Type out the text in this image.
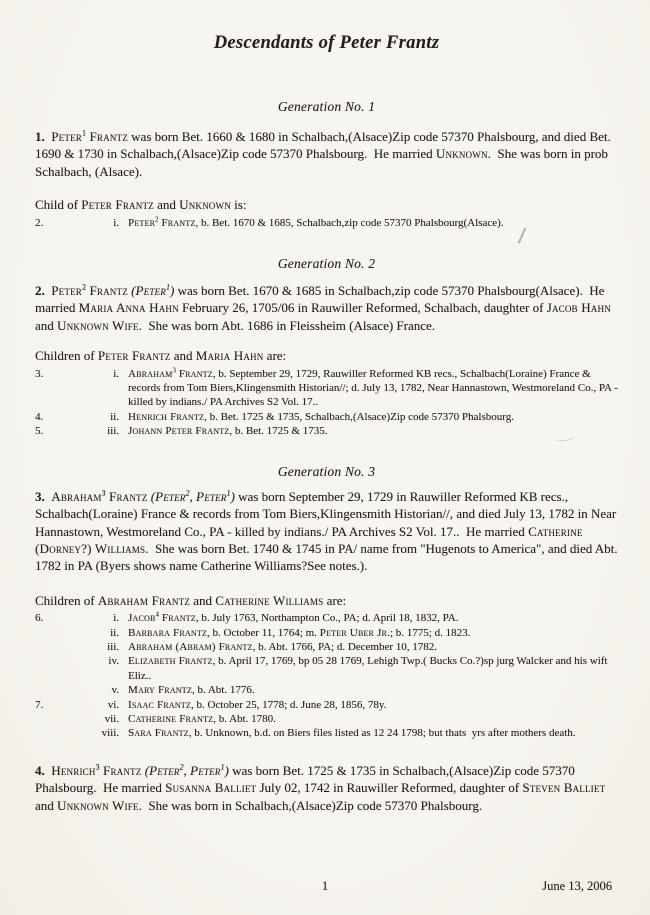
Descendants of Peter Frantz
Generation No. 1

1.  Peter$^1$ Frantz was born Bet. 1660 & 1680 in Schalbach,(Alsace)Zip code 57370 Phalsbourg, and died Bet. 1690 & 1730 in Schalbach,(Alsace)Zip code 57370 Phalsbourg.  He married Unknown.  She was born in prob Schalbach, (Alsace).

Child of Peter Frantz and Unknown is:

2.	i. Peter$^2$ Frantz, b. Bet. 1670 & 1685, Schalbach,zip code 57370 Phalsbourg(Alsace).
Generation No. 2

2.  Peter$^2$ Frantz (Peter$^1$) was born Bet. 1670 & 1685 in Schalbach,zip code 57370 Phalsbourg(Alsace).  He married Maria Anna Hahn February 26, 1705/06 in Rauwiller Reformed, Schalbach, daughter of Jacob Hahn and Unknown Wife.  She was born Abt. 1686 in Fleissheim (Alsace) France.

Children of Peter Frantz and Maria Hahn are:

3.	i. Abraham$^3$ Frantz, b. September 29, 1729, Rauwiller Reformed KB recs., Schalbach(Loraine) France & records from Tom Biers,Klingensmith Historian//; d. July 13, 1782, Near Hannastown, Westmoreland Co., PA - killed by indians./ PA Archives S2 Vol. 17..
4.	ii. Henrich Frantz, b. Bet. 1725 & 1735, Schalbach,(Alsace)Zip code 57370 Phalsbourg.
5.	iii. Johann Peter Frantz, b. Bet. 1725 & 1735.
Generation No. 3

3.  Abraham$^3$ Frantz (Peter$^2$, Peter$^1$) was born September 29, 1729 in Rauwiller Reformed KB recs., Schalbach(Loraine) France & records from Tom Biers,Klingensmith Historian//, and died July 13, 1782 in Near Hannastown, Westmoreland Co., PA - killed by indians./ PA Archives S2 Vol. 17..  He married Catherine (Dorney?) Williams.  She was born Bet. 1740 & 1745 in PA/ name from "Hugenots to America", and died Abt. 1782 in PA (Byers shows name Catherine Williams?See notes.).

Children of Abraham Frantz and Catherine Williams are:

6.	i. Jacob$^4$ Frantz, b. July 1763, Northampton Co., PA; d. April 18, 1832, PA.
ii. Barbara Frantz, b. October 11, 1764; m. Peter Uber Jr.; b. 1775; d. 1823.
iii. Abraham (Abram) Frantz, b. Abt. 1766, PA; d. December 10, 1782.
iv. Elizabeth Frantz, b. April 17, 1769, bp 05 28 1769, Lehigh Twp.( Bucks Co.?)sp jurg Walcker and his wift Eliz..
v. Mary Frantz, b. Abt. 1776.
7.	vi. Isaac Frantz, b. October 25, 1778; d. June 28, 1856, 78y.
vii. Catherine Frantz, b. Abt. 1780.
viii. Sara Frantz, b. Unknown, b.d. on Biers files listed as 12 24 1798; but thats  yrs after mothers death.

4.  Henrich$^3$ Frantz (Peter$^2$, Peter$^1$) was born Bet. 1725 & 1735 in Schalbach,(Alsace)Zip code 57370 Phalsbourg.  He married Susanna Balliet July 02, 1742 in Rauwiller Reformed, daughter of Steven Balliet and Unknown Wife.  She was born in Schalbach,(Alsace)Zip code 57370 Phalsbourg.

1	June 13, 2006
